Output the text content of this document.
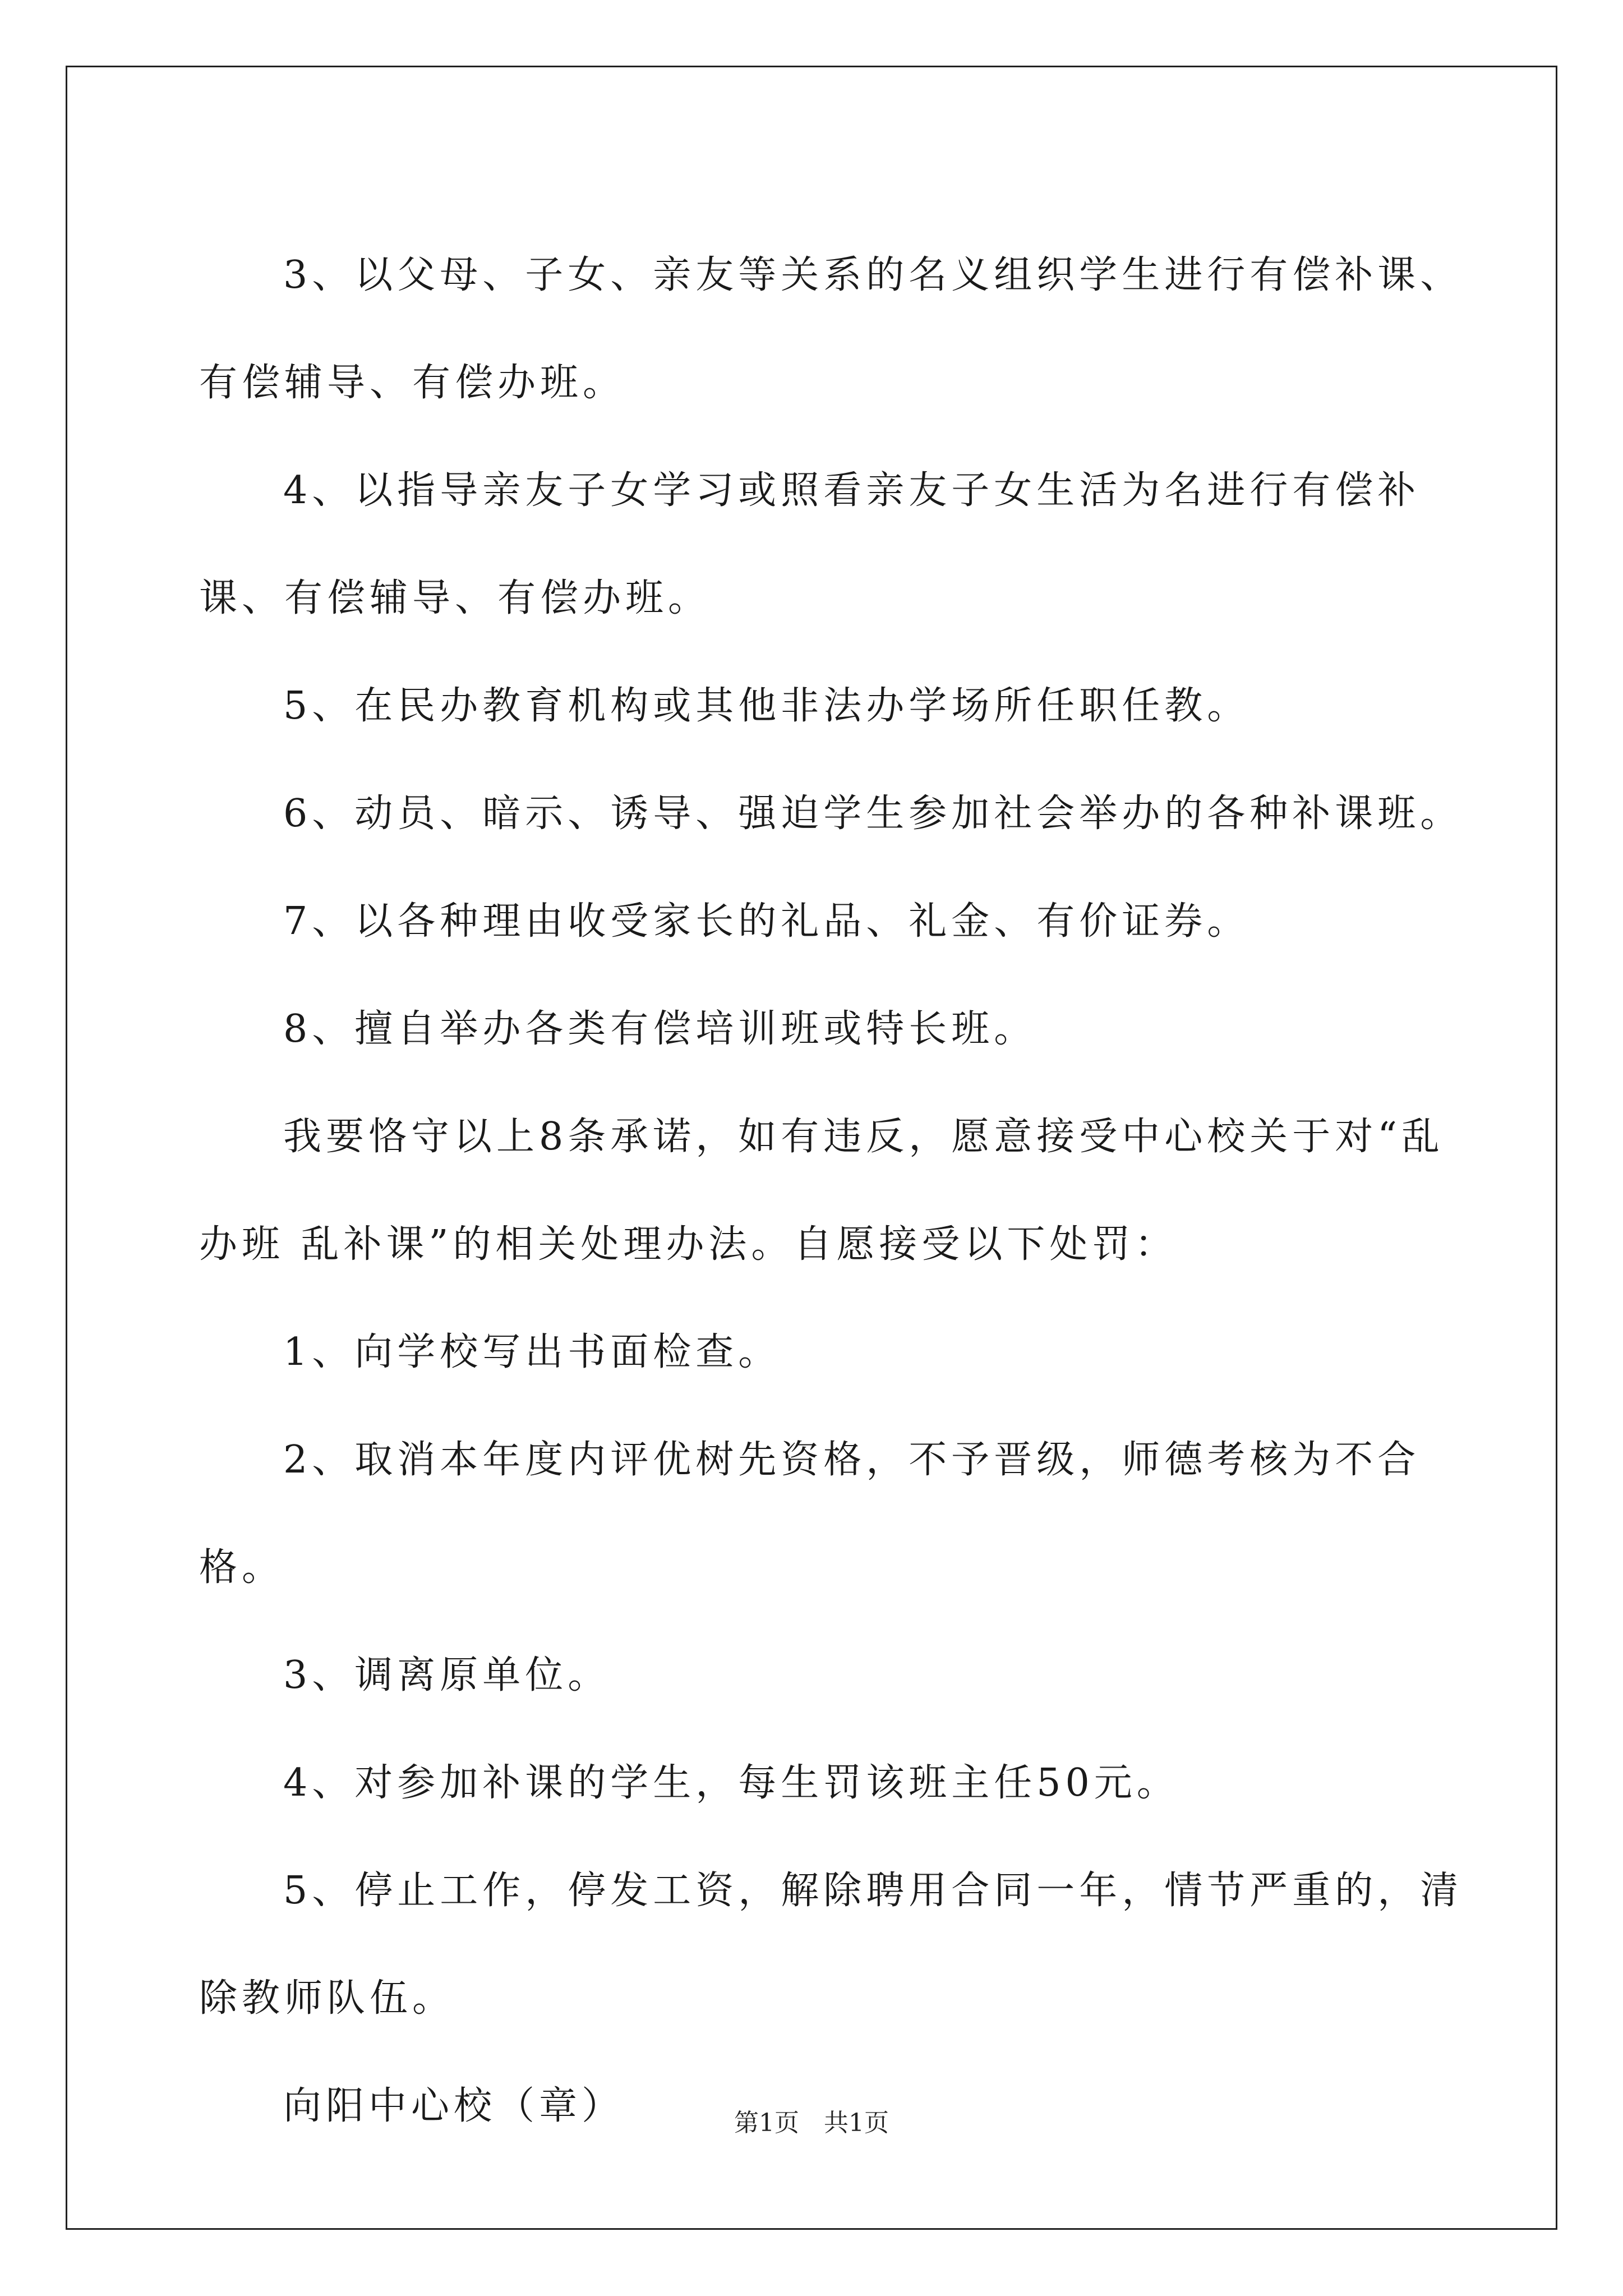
3、以父母、子女、亲友等关系的名义组织学生进行有偿补课、有偿辅导、有偿办班。

4、以指导亲友子女学习或照看亲友子女生活为名进行有偿补课、有偿辅导、有偿办班。

5、在民办教育机构或其他非法办学场所任职任教。

6、动员、暗示、诱导、强迫学生参加社会举办的各种补课班。

7、以各种理由收受家长的礼品、礼金、有价证券。

8、擅自举办各类有偿培训班或特长班。

我要恪守以上8条承诺，如有违反，愿意接受中心校关于对“乱办班 乱补课”的相关处理办法。自愿接受以下处罚：

1、向学校写出书面检查。

2、取消本年度内评优树先资格，不予晋级，师德考核为不合格。

3、调离原单位。

4、对参加补课的学生，每生罚该班主任50元。

5、停止工作，停发工资，解除聘用合同一年，情节严重的，清除教师队伍。

向阳中心校（章）	第1页　共1页
